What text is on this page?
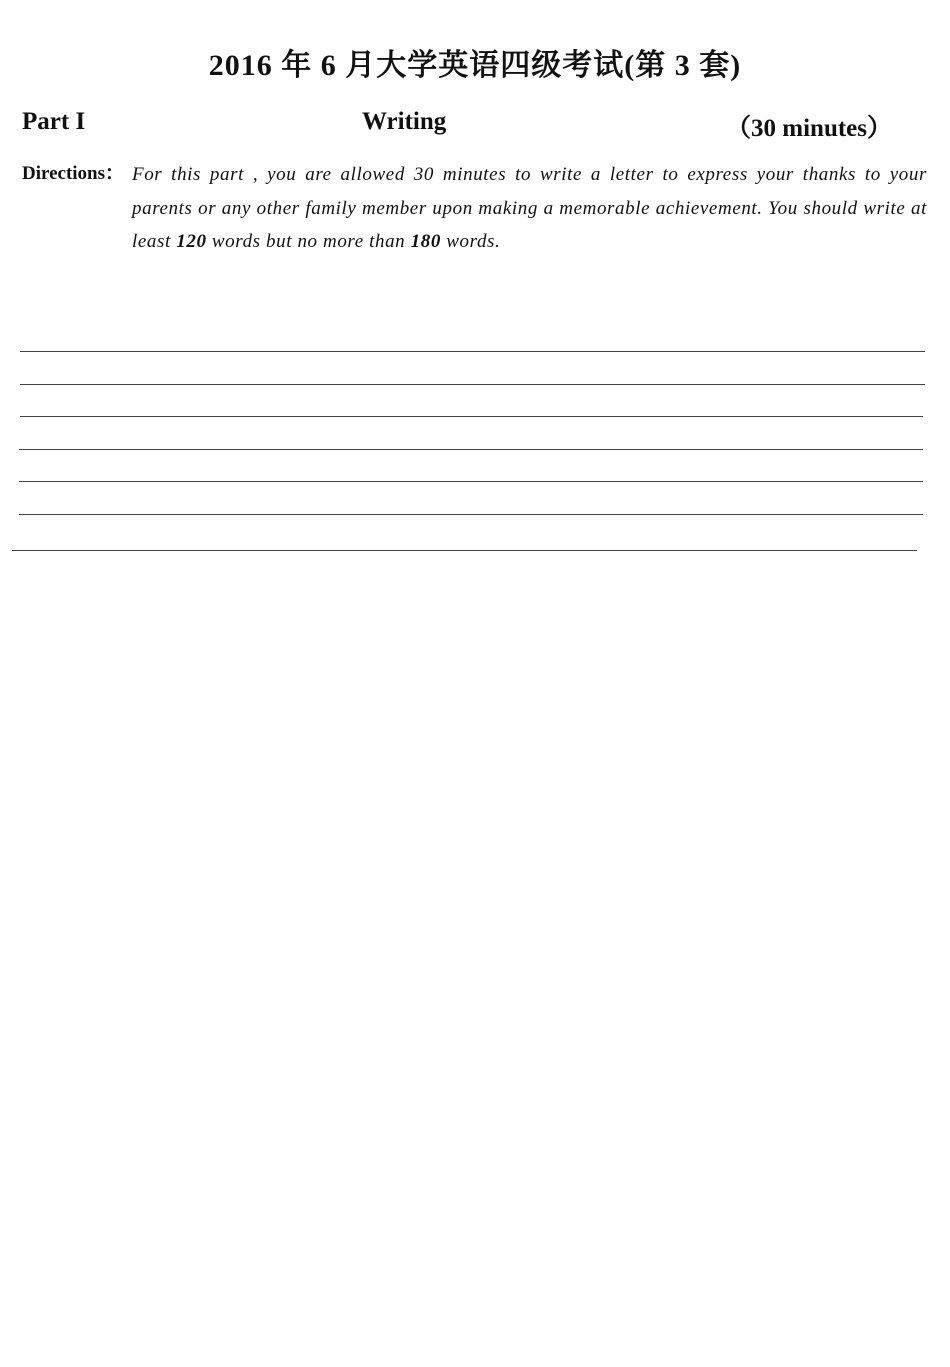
2016 年 6 月大学英语四级考试(第 3 套)
Part I	Writing	（30 minutes）
Directions： For this part , you are allowed 30 minutes to write a letter to express your thanks to your parents or any other family member upon making a memorable achievement. You should write at least 120 words but no more than 180 words.
